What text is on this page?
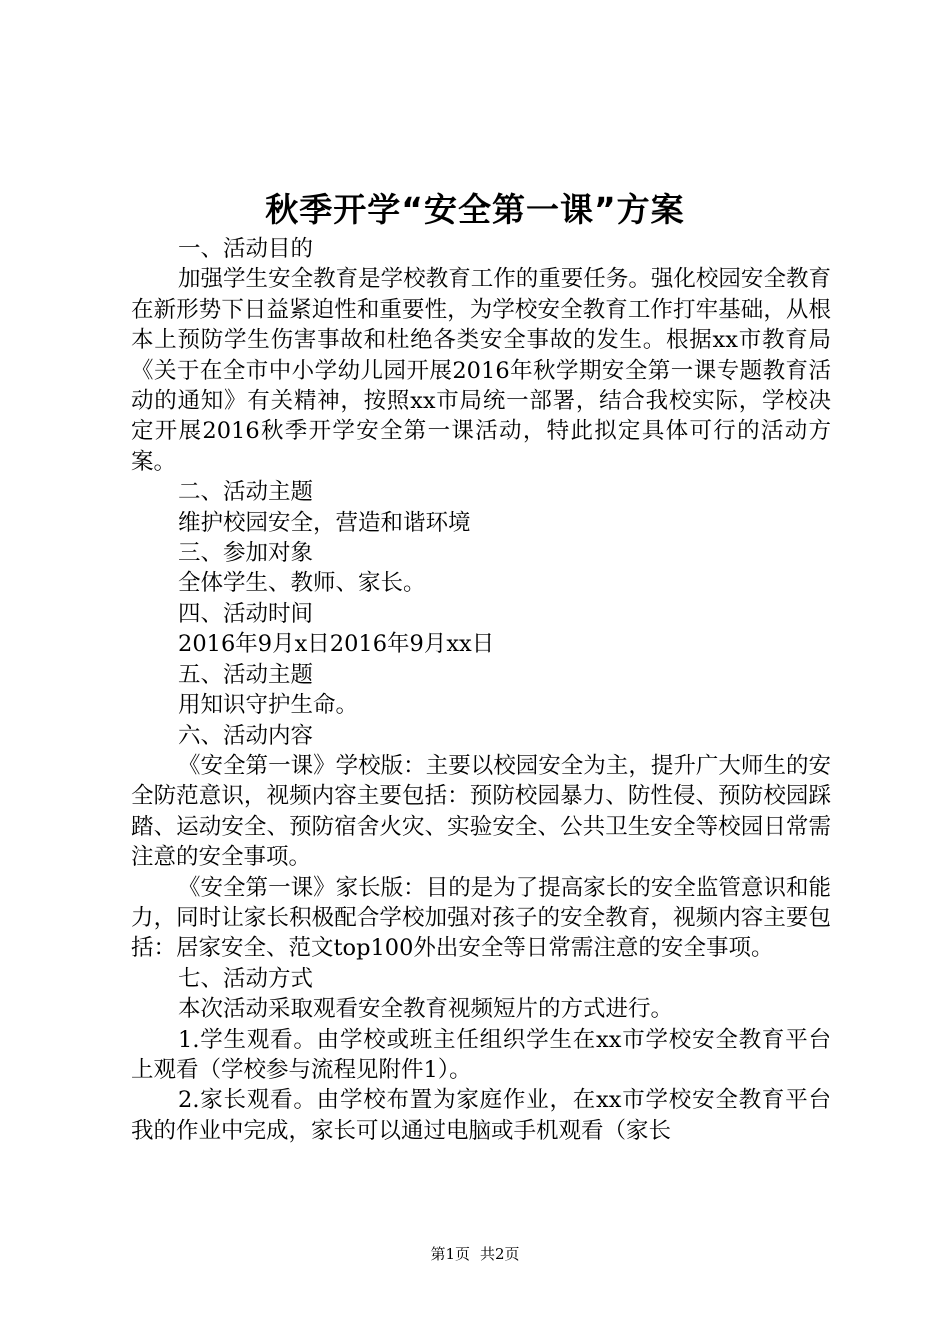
秋季开学“安全第一课”方案

一、活动目的

加强学生安全教育是学校教育工作的重要任务。强化校园安全教育在新形势下日益紧迫性和重要性，为学校安全教育工作打牢基础，从根本上预防学生伤害事故和杜绝各类安全事故的发生。根据xx市教育局《关于在全市中小学幼儿园开展2016年秋学期安全第一课专题教育活动的通知》有关精神，按照xx市局统一部署，结合我校实际，学校决定开展2016秋季开学安全第一课活动，特此拟定具体可行的活动方案。

二、活动主题

维护校园安全，营造和谐环境

三、参加对象

全体学生、教师、家长。

四、活动时间

2016年9月x日2016年9月xx日

五、活动主题

用知识守护生命。

六、活动内容

《安全第一课》学校版：主要以校园安全为主，提升广大师生的安全防范意识，视频内容主要包括：预防校园暴力、防性侵、预防校园踩踏、运动安全、预防宿舍火灾、实验安全、公共卫生安全等校园日常需注意的安全事项。

《安全第一课》家长版：目的是为了提高家长的安全监管意识和能力，同时让家长积极配合学校加强对孩子的安全教育，视频内容主要包括：居家安全、范文top100外出安全等日常需注意的安全事项。

七、活动方式

本次活动采取观看安全教育视频短片的方式进行。

1.学生观看。由学校或班主任组织学生在xx市学校安全教育平台上观看（学校参与流程见附件1）。

2.家长观看。由学校布置为家庭作业，在xx市学校安全教育平台我的作业中完成，家长可以通过电脑或手机观看（家长

第1页 共2页
